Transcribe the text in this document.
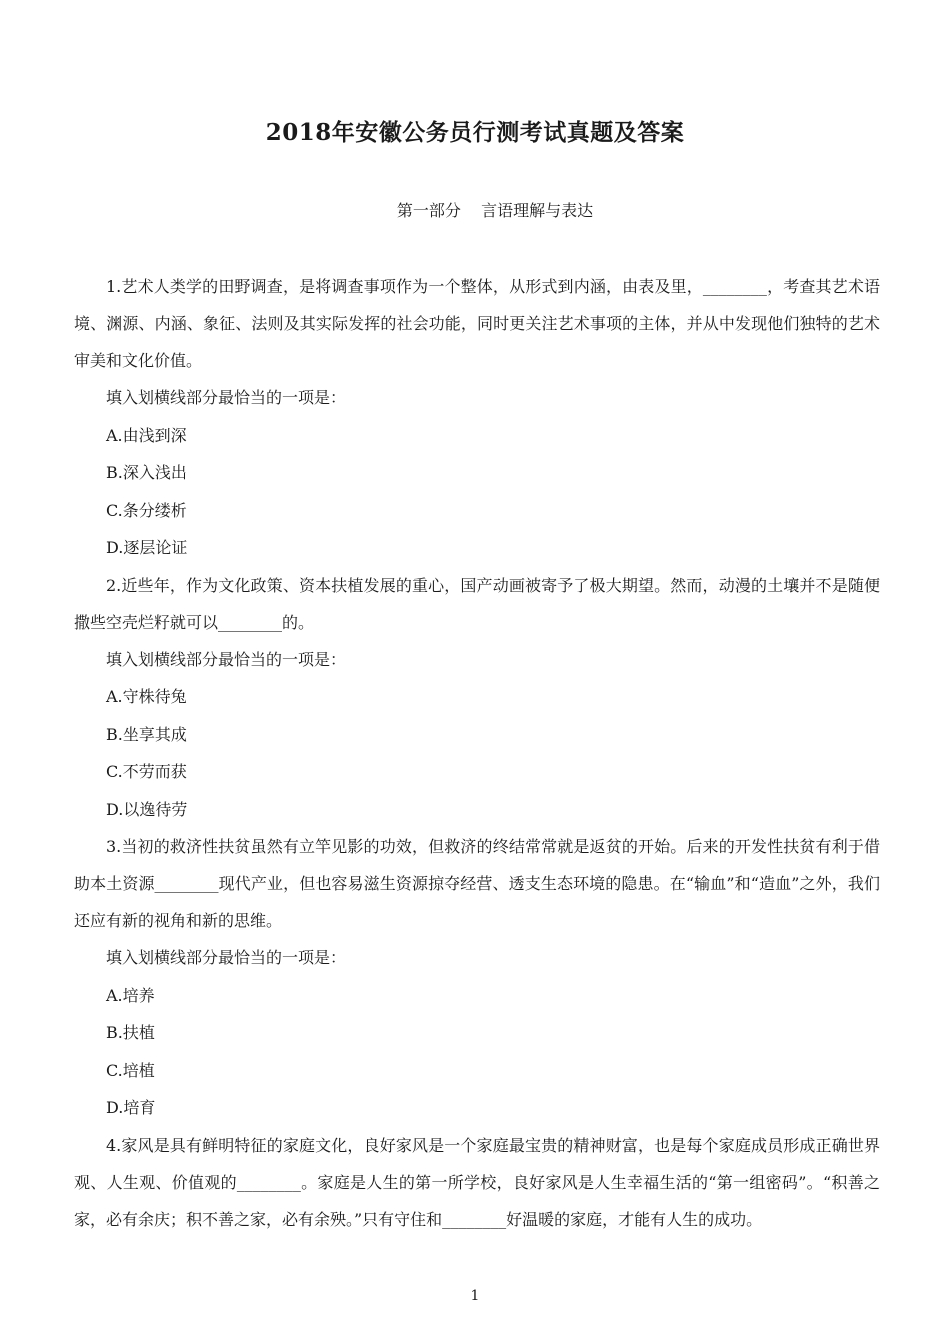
2018年安徽公务员行测考试真题及答案
第一部分    言语理解与表达

1.艺术人类学的田野调查，是将调查事项作为一个整体，从形式到内涵，由表及里，________，考查其艺术语境、渊源、内涵、象征、法则及其实际发挥的社会功能，同时更关注艺术事项的主体，并从中发现他们独特的艺术审美和文化价值。

填入划横线部分最恰当的一项是：

A.由浅到深

B.深入浅出

C.条分缕析

D.逐层论证

2.近些年，作为文化政策、资本扶植发展的重心，国产动画被寄予了极大期望。然而，动漫的土壤并不是随便撒些空壳烂籽就可以________的。

填入划横线部分最恰当的一项是：

A.守株待兔

B.坐享其成

C.不劳而获

D.以逸待劳

3.当初的救济性扶贫虽然有立竿见影的功效，但救济的终结常常就是返贫的开始。后来的开发性扶贫有利于借助本土资源________现代产业，但也容易滋生资源掠夺经营、透支生态环境的隐患。在“输血”和“造血”之外，我们还应有新的视角和新的思维。

填入划横线部分最恰当的一项是：

A.培养

B.扶植

C.培植

D.培育

4.家风是具有鲜明特征的家庭文化，良好家风是一个家庭最宝贵的精神财富，也是每个家庭成员形成正确世界观、人生观、价值观的________。家庭是人生的第一所学校，良好家风是人生幸福生活的“第一组密码”。“积善之家，必有余庆；积不善之家，必有余殃。”只有守住和________好温暖的家庭，才能有人生的成功。

1
